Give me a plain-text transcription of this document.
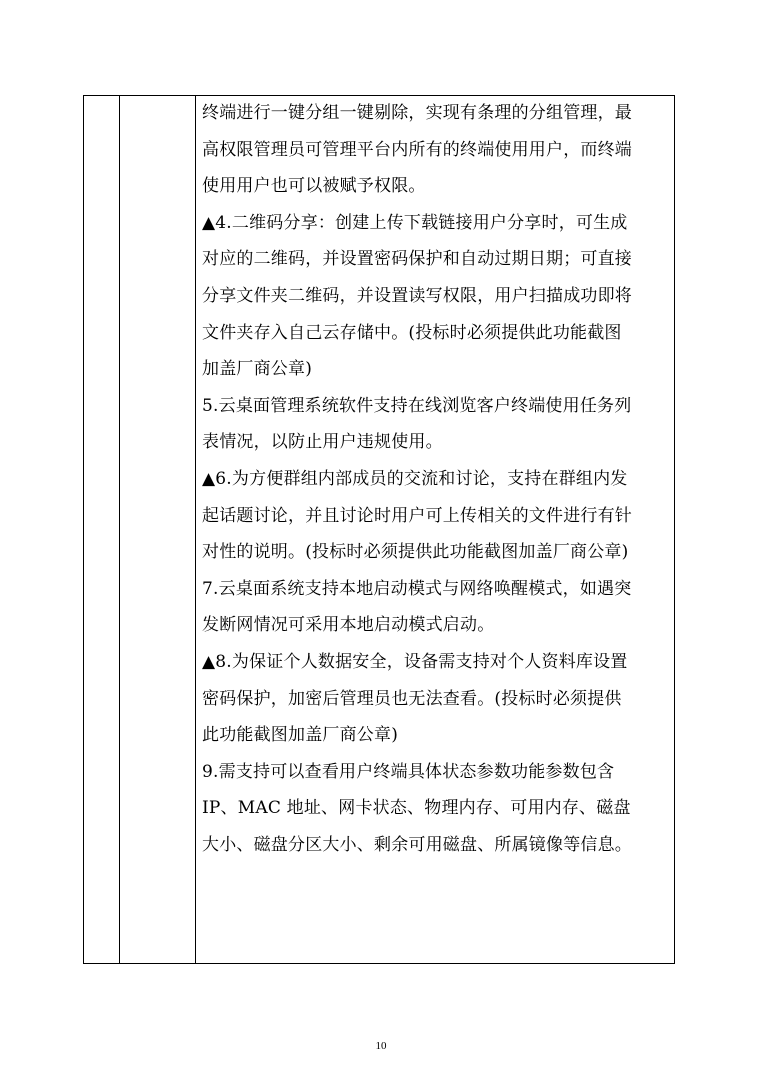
终端进行一键分组一键剔除，实现有条理的分组管理，最
高权限管理员可管理平台内所有的终端使用用户，而终端
使用用户也可以被赋予权限。
▲4.二维码分享：创建上传下载链接用户分享时，可生成
对应的二维码，并设置密码保护和自动过期日期；可直接
分享文件夹二维码，并设置读写权限，用户扫描成功即将
文件夹存入自己云存储中。(投标时必须提供此功能截图
加盖厂商公章)
5.云桌面管理系统软件支持在线浏览客户终端使用任务列
表情况，以防止用户违规使用。
▲6.为方便群组内部成员的交流和讨论，支持在群组内发
起话题讨论，并且讨论时用户可上传相关的文件进行有针
对性的说明。(投标时必须提供此功能截图加盖厂商公章)
7.云桌面系统支持本地启动模式与网络唤醒模式，如遇突
发断网情况可采用本地启动模式启动。
▲8.为保证个人数据安全，设备需支持对个人资料库设置
密码保护，加密后管理员也无法查看。(投标时必须提供
此功能截图加盖厂商公章)
9.需支持可以查看用户终端具体状态参数功能参数包含
IP、MAC 地址、网卡状态、物理内存、可用内存、磁盘
大小、磁盘分区大小、剩余可用磁盘、所属镜像等信息。
10
